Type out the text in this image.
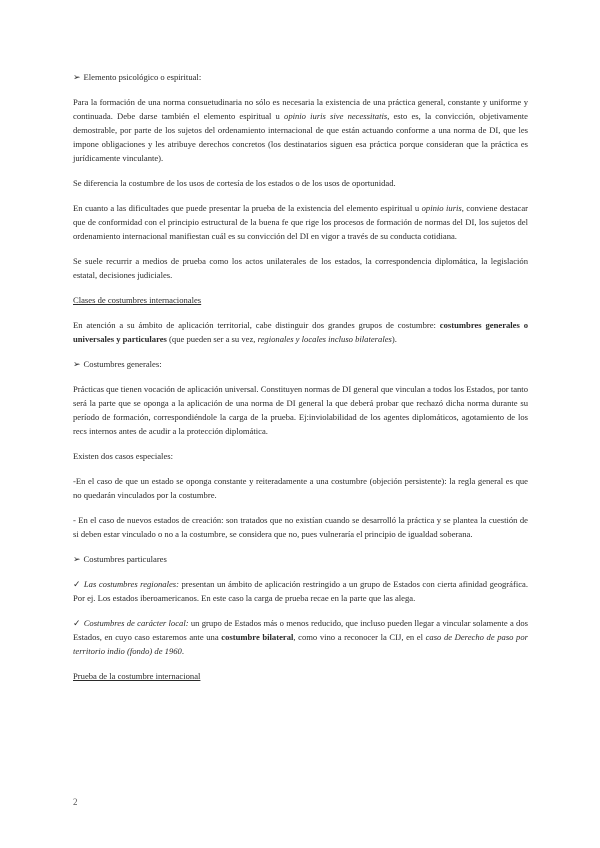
➢ Elemento psicológico o espiritual:

Para la formación de una norma consuetudinaria no sólo es necesaria la existencia de una práctica general, constante y uniforme y continuada. Debe darse también el elemento espiritual u opinio iuris sive necessitatis, esto es, la convicción, objetivamente demostrable, por parte de los sujetos del ordenamiento internacional de que están actuando conforme a una norma de DI, que les impone obligaciones y les atribuye derechos concretos (los destinatarios siguen esa práctica porque consideran que la práctica es jurídicamente vinculante).

Se diferencia la costumbre de los usos de cortesía de los estados o de los usos de oportunidad.

En cuanto a las dificultades que puede presentar la prueba de la existencia del elemento espiritual u opinio iuris, conviene destacar que de conformidad con el principio estructural de la buena fe que rige los procesos de formación de normas del DI, los sujetos del ordenamiento internacional manifiestan cuál es su convicción del DI en vigor a través de su conducta cotidiana.

Se suele recurrir a medios de prueba como los actos unilaterales de los estados, la correspondencia diplomática, la legislación estatal, decisiones judiciales.

Clases de costumbres internacionales

En atención a su ámbito de aplicación territorial, cabe distinguir dos grandes grupos de costumbre: costumbres generales o universales y particulares (que pueden ser a su vez, regionales y locales incluso bilaterales).

➢ Costumbres generales:

Prácticas que tienen vocación de aplicación universal. Constituyen normas de DI general que vinculan a todos los Estados, por tanto será la parte que se oponga a la aplicación de una norma de DI general la que deberá probar que rechazó dicha norma durante su período de formación, correspondiéndole la carga de la prueba. Ej:inviolabilidad de los agentes diplomáticos, agotamiento de los recs internos antes de acudir a la protección diplomática.

Existen dos casos especiales:

-En el caso de que un estado se oponga constante y reiteradamente a una costumbre (objeción persistente): la regla general es que no quedarán vinculados por la costumbre.

- En el caso de nuevos estados de creación: son tratados que no existían cuando se desarrolló la práctica y se plantea la cuestión de si deben estar vinculado o no a la costumbre, se considera que no, pues vulneraría el principio de igualdad soberana.

➢ Costumbres particulares

✓ Las costumbres regionales: presentan un ámbito de aplicación restringido a un grupo de Estados con cierta afinidad geográfica. Por ej. Los estados iberoamericanos. En este caso la carga de prueba recae en la parte que las alega.

✓ Costumbres de carácter local: un grupo de Estados más o menos reducido, que incluso pueden llegar a vincular solamente a dos Estados, en cuyo caso estaremos ante una costumbre bilateral, como vino a reconocer la CIJ, en el caso de Derecho de paso por territorio indio (fondo) de 1960.

Prueba de la costumbre internacional

2
